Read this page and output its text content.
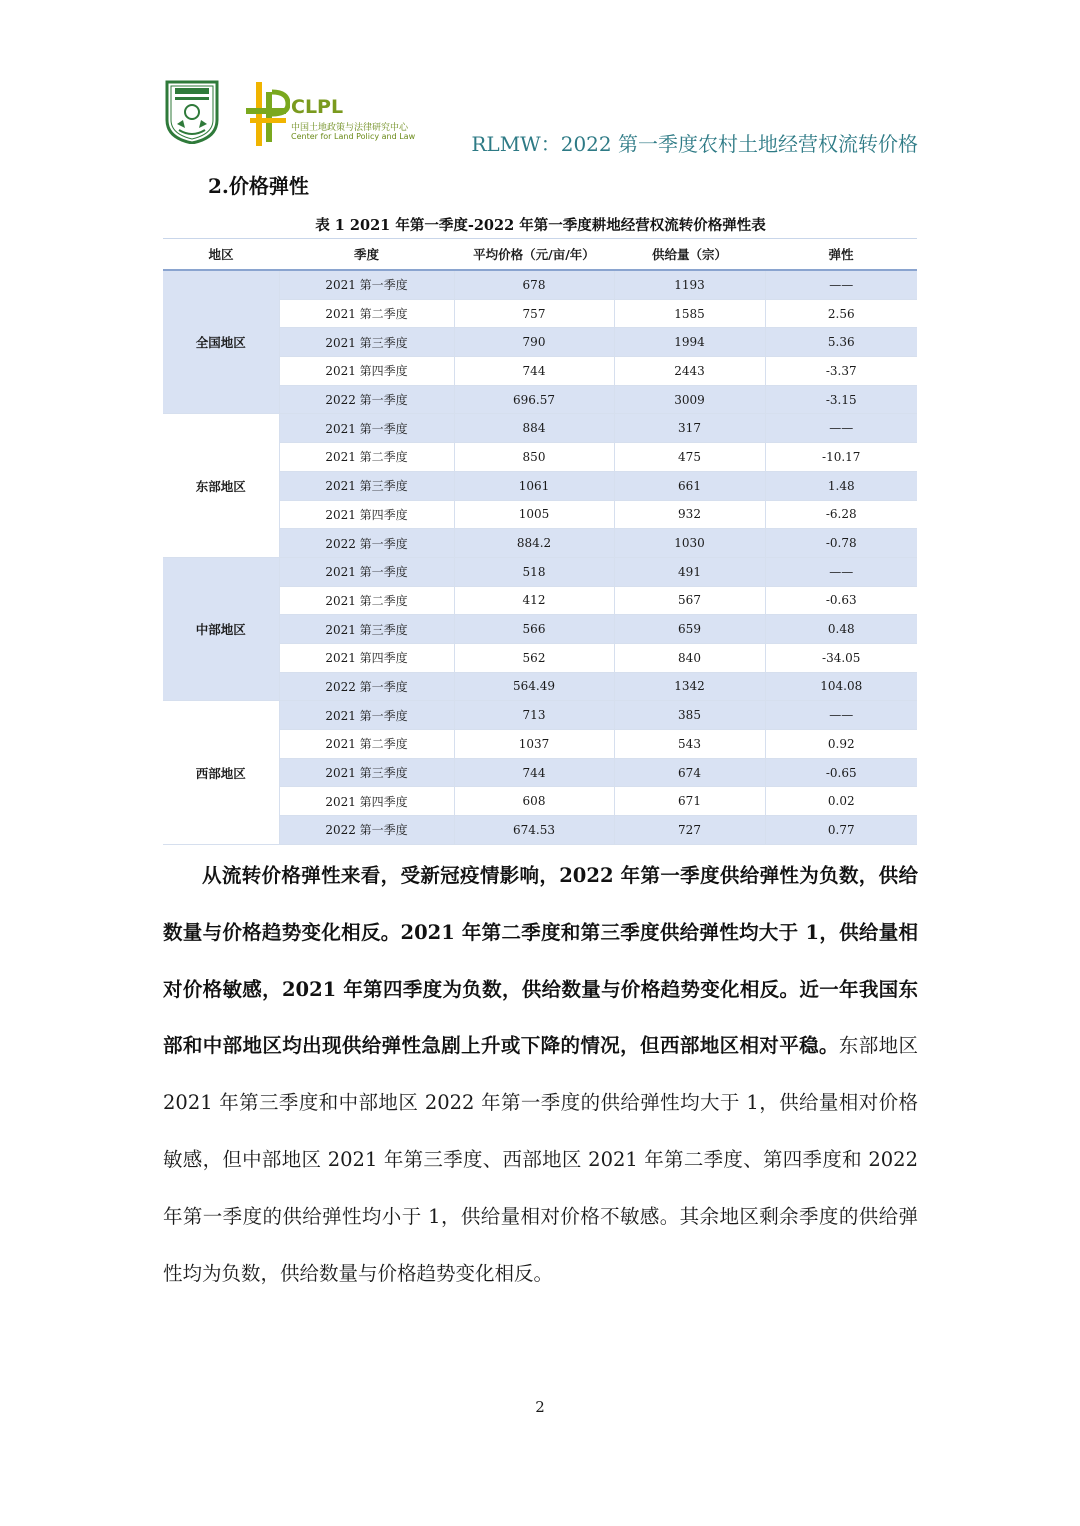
CLPL
中国土地政策与法律研究中心
Center for Land Policy and Law	RLMW：2022 第一季度农村土地经营权流转价格
2.价格弹性
表 1 2021 年第一季度-2022 年第一季度耕地经营权流转价格弹性表
地区	季度	平均价格（元/亩/年）	供给量（宗）	弹性
全国地区	2021 第一季度	678	1193	——
	2021 第二季度	757	1585	2.56
	2021 第三季度	790	1994	5.36
	2021 第四季度	744	2443	-3.37
	2022 第一季度	696.57	3009	-3.15
东部地区	2021 第一季度	884	317	——
	2021 第二季度	850	475	-10.17
	2021 第三季度	1061	661	1.48
	2021 第四季度	1005	932	-6.28
	2022 第一季度	884.2	1030	-0.78
中部地区	2021 第一季度	518	491	——
	2021 第二季度	412	567	-0.63
	2021 第三季度	566	659	0.48
	2021 第四季度	562	840	-34.05
	2022 第一季度	564.49	1342	104.08
西部地区	2021 第一季度	713	385	——
	2021 第二季度	1037	543	0.92
	2021 第三季度	744	674	-0.65
	2021 第四季度	608	671	0.02
	2022 第一季度	674.53	727	0.77
从流转价格弹性来看，受新冠疫情影响，2022 年第一季度供给弹性为负数，供给数量与价格趋势变化相反。2021 年第二季度和第三季度供给弹性均大于 1，供给量相对价格敏感，2021 年第四季度为负数，供给数量与价格趋势变化相反。近一年我国东部和中部地区均出现供给弹性急剧上升或下降的情况，但西部地区相对平稳。东部地区 2021 年第三季度和中部地区 2022 年第一季度的供给弹性均大于 1，供给量相对价格敏感，但中部地区 2021 年第三季度、西部地区 2021 年第二季度、第四季度和 2022 年第一季度的供给弹性均小于 1，供给量相对价格不敏感。其余地区剩余季度的供给弹性均为负数，供给数量与价格趋势变化相反。
2
